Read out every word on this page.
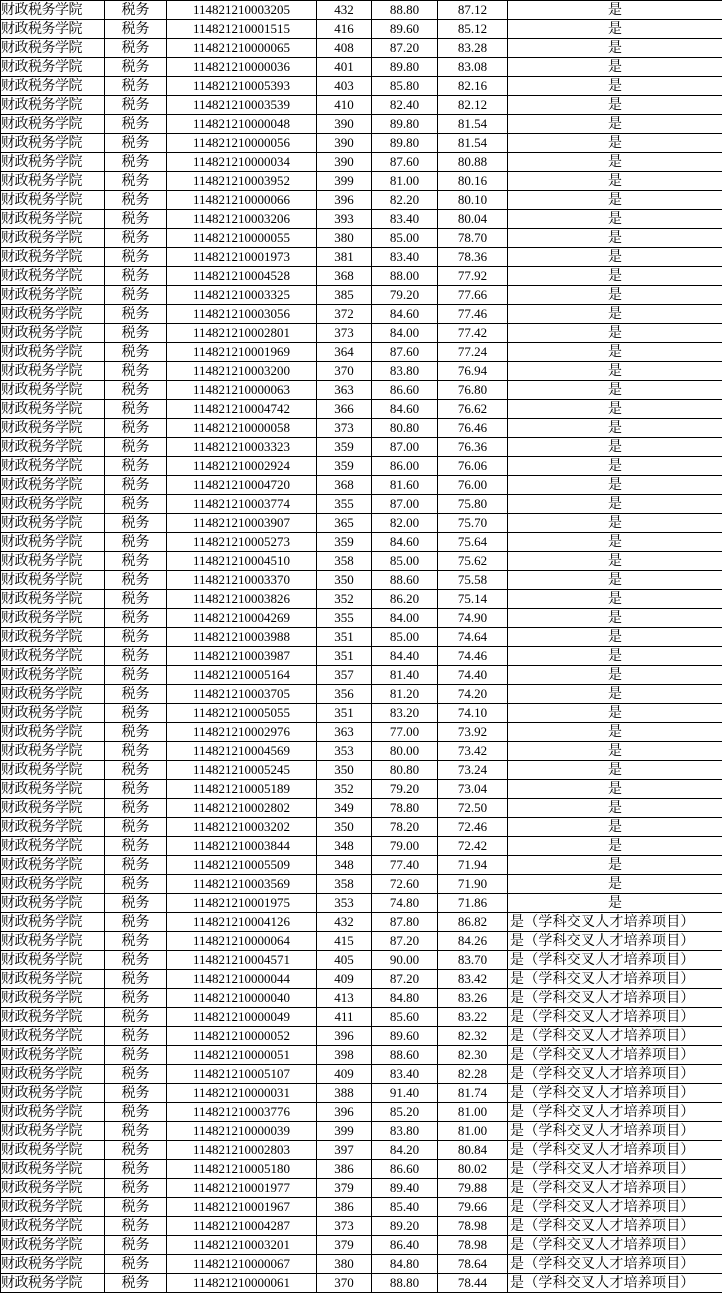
财政税务学院	税务	114821210003205	432	88.80	87.12	是
财政税务学院	税务	114821210001515	416	89.60	85.12	是
财政税务学院	税务	114821210000065	408	87.20	83.28	是
财政税务学院	税务	114821210000036	401	89.80	83.08	是
财政税务学院	税务	114821210005393	403	85.80	82.16	是
财政税务学院	税务	114821210003539	410	82.40	82.12	是
财政税务学院	税务	114821210000048	390	89.80	81.54	是
财政税务学院	税务	114821210000056	390	89.80	81.54	是
财政税务学院	税务	114821210000034	390	87.60	80.88	是
财政税务学院	税务	114821210003952	399	81.00	80.16	是
财政税务学院	税务	114821210000066	396	82.20	80.10	是
财政税务学院	税务	114821210003206	393	83.40	80.04	是
财政税务学院	税务	114821210000055	380	85.00	78.70	是
财政税务学院	税务	114821210001973	381	83.40	78.36	是
财政税务学院	税务	114821210004528	368	88.00	77.92	是
财政税务学院	税务	114821210003325	385	79.20	77.66	是
财政税务学院	税务	114821210003056	372	84.60	77.46	是
财政税务学院	税务	114821210002801	373	84.00	77.42	是
财政税务学院	税务	114821210001969	364	87.60	77.24	是
财政税务学院	税务	114821210003200	370	83.80	76.94	是
财政税务学院	税务	114821210000063	363	86.60	76.80	是
财政税务学院	税务	114821210004742	366	84.60	76.62	是
财政税务学院	税务	114821210000058	373	80.80	76.46	是
财政税务学院	税务	114821210003323	359	87.00	76.36	是
财政税务学院	税务	114821210002924	359	86.00	76.06	是
财政税务学院	税务	114821210004720	368	81.60	76.00	是
财政税务学院	税务	114821210003774	355	87.00	75.80	是
财政税务学院	税务	114821210003907	365	82.00	75.70	是
财政税务学院	税务	114821210005273	359	84.60	75.64	是
财政税务学院	税务	114821210004510	358	85.00	75.62	是
财政税务学院	税务	114821210003370	350	88.60	75.58	是
财政税务学院	税务	114821210003826	352	86.20	75.14	是
财政税务学院	税务	114821210004269	355	84.00	74.90	是
财政税务学院	税务	114821210003988	351	85.00	74.64	是
财政税务学院	税务	114821210003987	351	84.40	74.46	是
财政税务学院	税务	114821210005164	357	81.40	74.40	是
财政税务学院	税务	114821210003705	356	81.20	74.20	是
财政税务学院	税务	114821210005055	351	83.20	74.10	是
财政税务学院	税务	114821210002976	363	77.00	73.92	是
财政税务学院	税务	114821210004569	353	80.00	73.42	是
财政税务学院	税务	114821210005245	350	80.80	73.24	是
财政税务学院	税务	114821210005189	352	79.20	73.04	是
财政税务学院	税务	114821210002802	349	78.80	72.50	是
财政税务学院	税务	114821210003202	350	78.20	72.46	是
财政税务学院	税务	114821210003844	348	79.00	72.42	是
财政税务学院	税务	114821210005509	348	77.40	71.94	是
财政税务学院	税务	114821210003569	358	72.60	71.90	是
财政税务学院	税务	114821210001975	353	74.80	71.86	是
财政税务学院	税务	114821210004126	432	87.80	86.82	是（学科交叉人才培养项目）
财政税务学院	税务	114821210000064	415	87.20	84.26	是（学科交叉人才培养项目）
财政税务学院	税务	114821210004571	405	90.00	83.70	是（学科交叉人才培养项目）
财政税务学院	税务	114821210000044	409	87.20	83.42	是（学科交叉人才培养项目）
财政税务学院	税务	114821210000040	413	84.80	83.26	是（学科交叉人才培养项目）
财政税务学院	税务	114821210000049	411	85.60	83.22	是（学科交叉人才培养项目）
财政税务学院	税务	114821210000052	396	89.60	82.32	是（学科交叉人才培养项目）
财政税务学院	税务	114821210000051	398	88.60	82.30	是（学科交叉人才培养项目）
财政税务学院	税务	114821210005107	409	83.40	82.28	是（学科交叉人才培养项目）
财政税务学院	税务	114821210000031	388	91.40	81.74	是（学科交叉人才培养项目）
财政税务学院	税务	114821210003776	396	85.20	81.00	是（学科交叉人才培养项目）
财政税务学院	税务	114821210000039	399	83.80	81.00	是（学科交叉人才培养项目）
财政税务学院	税务	114821210002803	397	84.20	80.84	是（学科交叉人才培养项目）
财政税务学院	税务	114821210005180	386	86.60	80.02	是（学科交叉人才培养项目）
财政税务学院	税务	114821210001977	379	89.40	79.88	是（学科交叉人才培养项目）
财政税务学院	税务	114821210001967	386	85.40	79.66	是（学科交叉人才培养项目）
财政税务学院	税务	114821210004287	373	89.20	78.98	是（学科交叉人才培养项目）
财政税务学院	税务	114821210003201	379	86.40	78.98	是（学科交叉人才培养项目）
财政税务学院	税务	114821210000067	380	84.80	78.64	是（学科交叉人才培养项目）
财政税务学院	税务	114821210000061	370	88.80	78.44	是（学科交叉人才培养项目）
